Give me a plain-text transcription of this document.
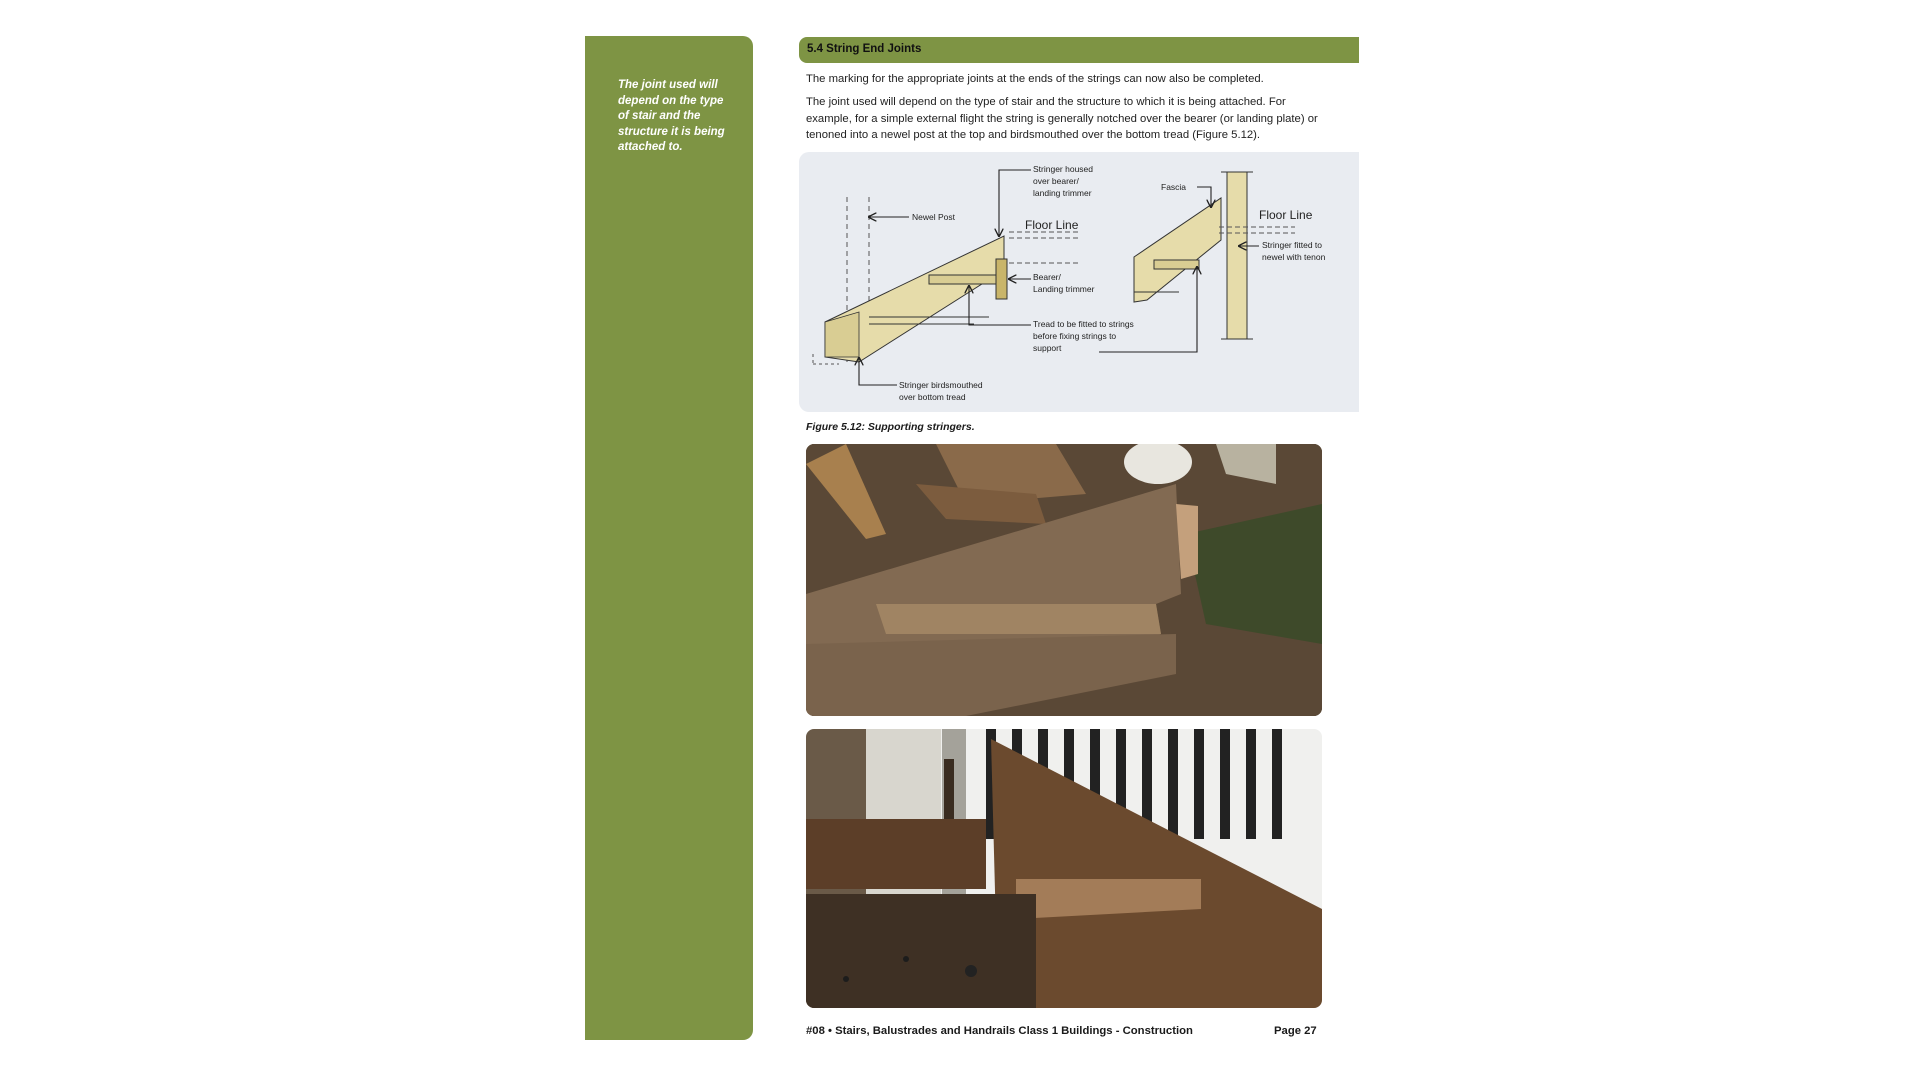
The joint used will depend on the type of stair and the structure it is being attached to.
5.4 String End Joints
The marking for the appropriate joints at the ends of the strings can now also be completed.
The joint used will depend on the type of stair and the structure to which it is being attached. For example, for a simple external flight the string is generally notched over the bearer (or landing plate) or tenoned into a newel post at the top and birdsmouthed over the bottom tread (Figure 5.12).
Stringer housed
over bearer/
landing trimmer
Newel Post
Floor Line
Bearer/
Landing trimmer
Tread to be fitted to strings
before fixing strings to
support
Stringer birdsmouthed
over bottom tread
Fascia
Floor Line
Stringer fitted to
newel with tenon
Figure 5.12: Supporting stringers.
#08 • Stairs, Balustrades and Handrails Class 1 Buildings - Construction	Page 27
